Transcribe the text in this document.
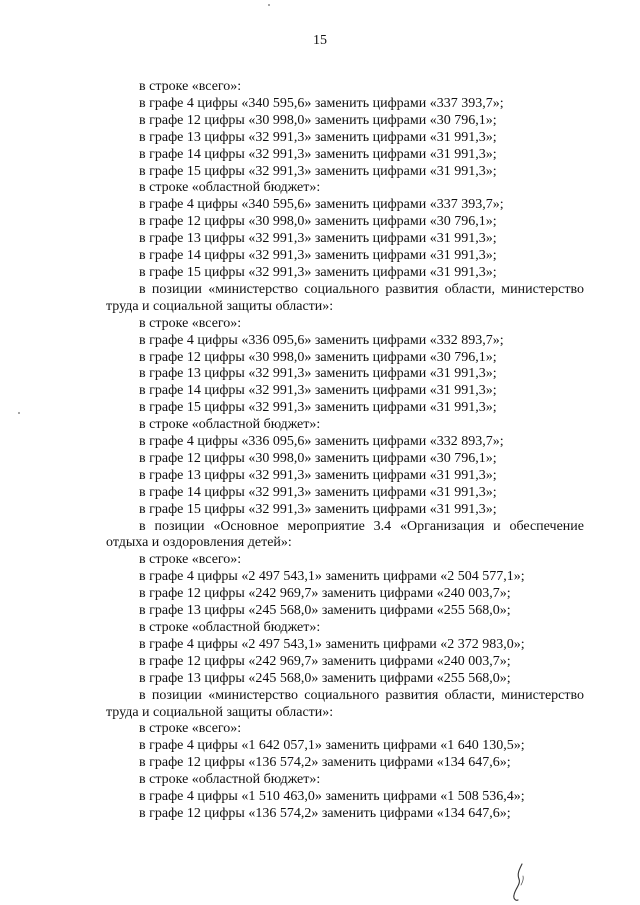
15
в строке «всего»:
в графе 4 цифры «340 595,6» заменить цифрами «337 393,7»;
в графе 12 цифры «30 998,0» заменить цифрами «30 796,1»;
в графе 13 цифры «32 991,3» заменить цифрами «31 991,3»;
в графе 14 цифры «32 991,3» заменить цифрами «31 991,3»;
в графе 15 цифры «32 991,3» заменить цифрами «31 991,3»;
в строке «областной бюджет»:
в графе 4 цифры «340 595,6» заменить цифрами «337 393,7»;
в графе 12 цифры «30 998,0» заменить цифрами «30 796,1»;
в графе 13 цифры «32 991,3» заменить цифрами «31 991,3»;
в графе 14 цифры «32 991,3» заменить цифрами «31 991,3»;
в графе 15 цифры «32 991,3» заменить цифрами «31 991,3»;
в позиции «министерство социального развития области, министерство
труда и социальной защиты области»:
в строке «всего»:
в графе 4 цифры «336 095,6» заменить цифрами «332 893,7»;
в графе 12 цифры «30 998,0» заменить цифрами «30 796,1»;
в графе 13 цифры «32 991,3» заменить цифрами «31 991,3»;
в графе 14 цифры «32 991,3» заменить цифрами «31 991,3»;
в графе 15 цифры «32 991,3» заменить цифрами «31 991,3»;
в строке «областной бюджет»:
в графе 4 цифры «336 095,6» заменить цифрами «332 893,7»;
в графе 12 цифры «30 998,0» заменить цифрами «30 796,1»;
в графе 13 цифры «32 991,3» заменить цифрами «31 991,3»;
в графе 14 цифры «32 991,3» заменить цифрами «31 991,3»;
в графе 15 цифры «32 991,3» заменить цифрами «31 991,3»;
в позиции «Основное мероприятие 3.4 «Организация и обеспечение
отдыха и оздоровления детей»:
в строке «всего»:
в графе 4 цифры «2 497 543,1» заменить цифрами «2 504 577,1»;
в графе 12 цифры «242 969,7» заменить цифрами «240 003,7»;
в графе 13 цифры «245 568,0» заменить цифрами «255 568,0»;
в строке «областной бюджет»:
в графе 4 цифры «2 497 543,1» заменить цифрами «2 372 983,0»;
в графе 12 цифры «242 969,7» заменить цифрами «240 003,7»;
в графе 13 цифры «245 568,0» заменить цифрами «255 568,0»;
в позиции «министерство социального развития области, министерство
труда и социальной защиты области»:
в строке «всего»:
в графе 4 цифры «1 642 057,1» заменить цифрами «1 640 130,5»;
в графе 12 цифры «136 574,2» заменить цифрами «134 647,6»;
в строке «областной бюджет»:
в графе 4 цифры «1 510 463,0» заменить цифрами «1 508 536,4»;
в графе 12 цифры «136 574,2» заменить цифрами «134 647,6»;
